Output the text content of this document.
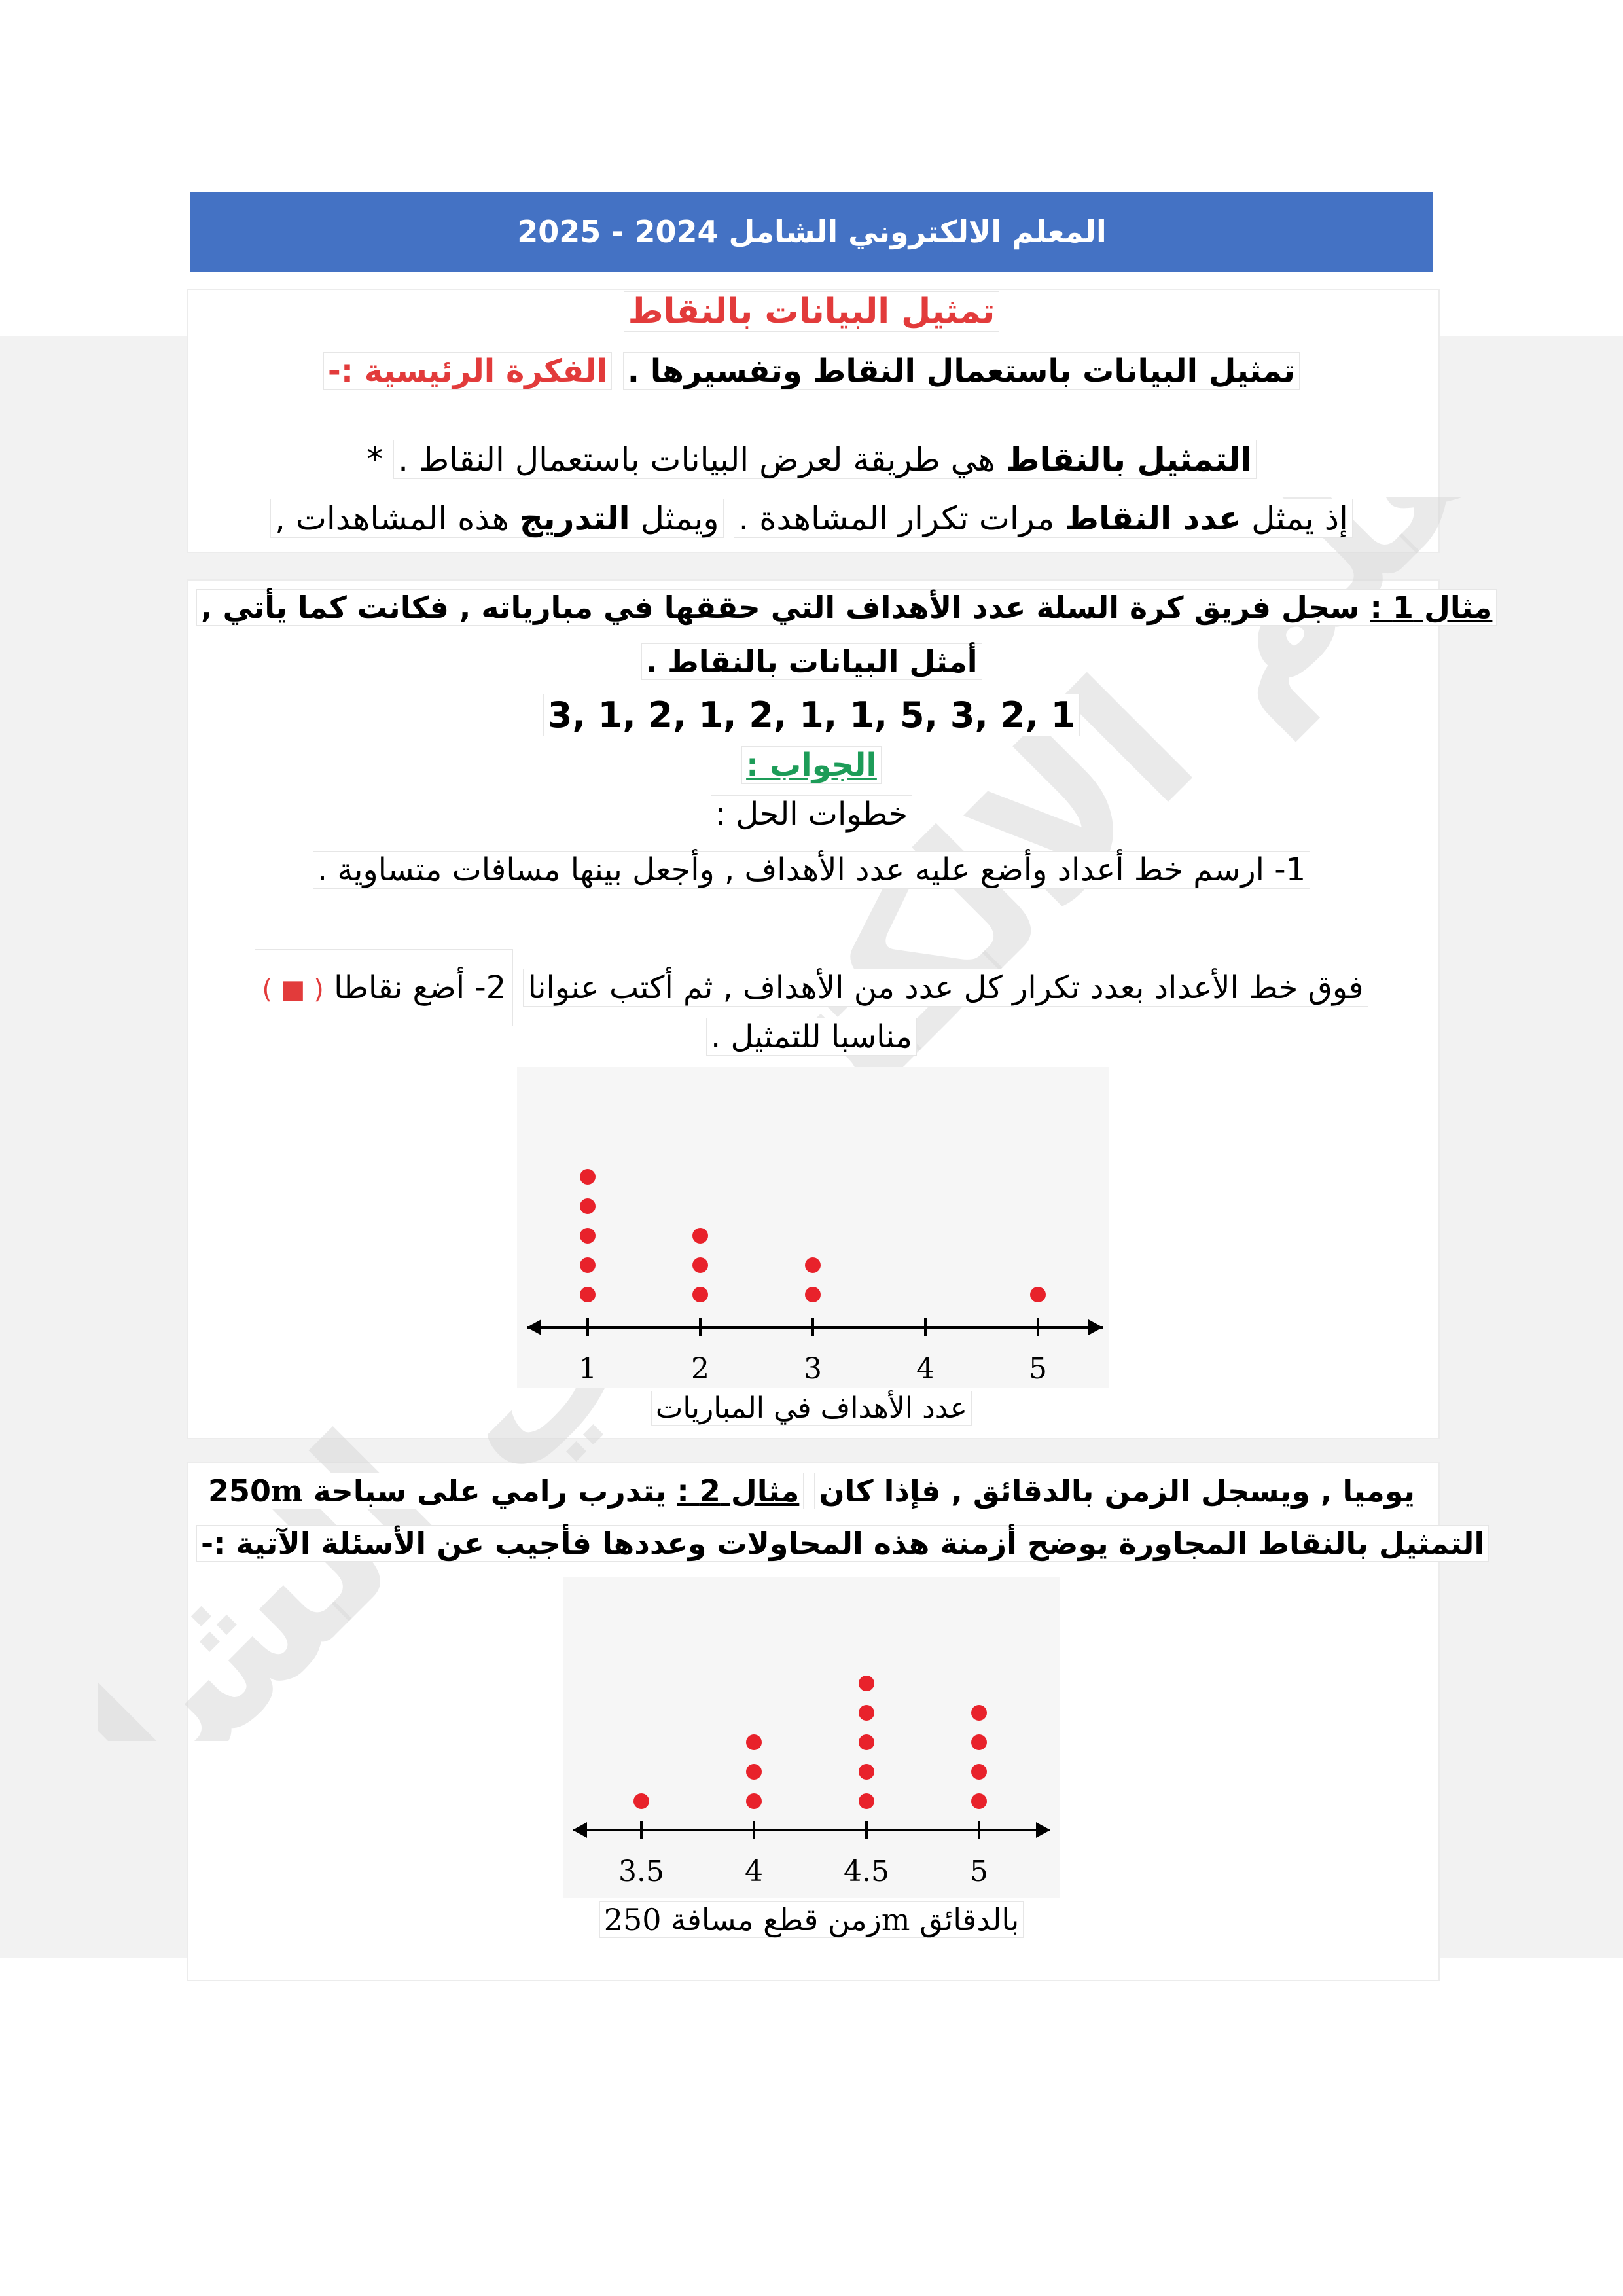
المعلم الالكتروني الشامل 2024 - 2025
الشامل
تمثيل البيانات بالنقاط
الفكرة الرئيسية :- تمثيل البيانات باستعمال النقاط وتفسيرها .
*	التمثيل بالنقاط هي طريقة لعرض البيانات باستعمال النقاط .
ويمثل التدريج هذه المشاهدات ,	إذ يمثل عدد النقاط مرات تكرار المشاهدة .
مثال 1 : سجل فريق كرة السلة عدد الأهداف التي حققها في مبارياته , فكانت كما يأتي ,
أمثل البيانات بالنقاط .
3, 1, 2, 1, 2, 1, 1, 5, 3, 2, 1
الجواب :
خطوات الحل :
1- ارسم خط أعداد وأضع عليه عدد الأهداف , وأجعل بينها مسافات متساوية .
2- أضع نقاطا ( ■ )	فوق خط الأعداد بعدد تكرار كل عدد من الأهداف , ثم أكتب عنوانا
مناسبا للتمثيل .
1	2	3	4	5
عدد الأهداف في المباريات
مثال 2 : يتدرب رامي على سباحة 250m	يوميا , ويسجل الزمن بالدقائق , فإذا كان
التمثيل بالنقاط المجاورة يوضح أزمنة هذه المحاولات وعددها فأجيب عن الأسئلة الآتية :-
3.5	4	4.5	5
بالدقائق mزمن قطع مسافة 250
